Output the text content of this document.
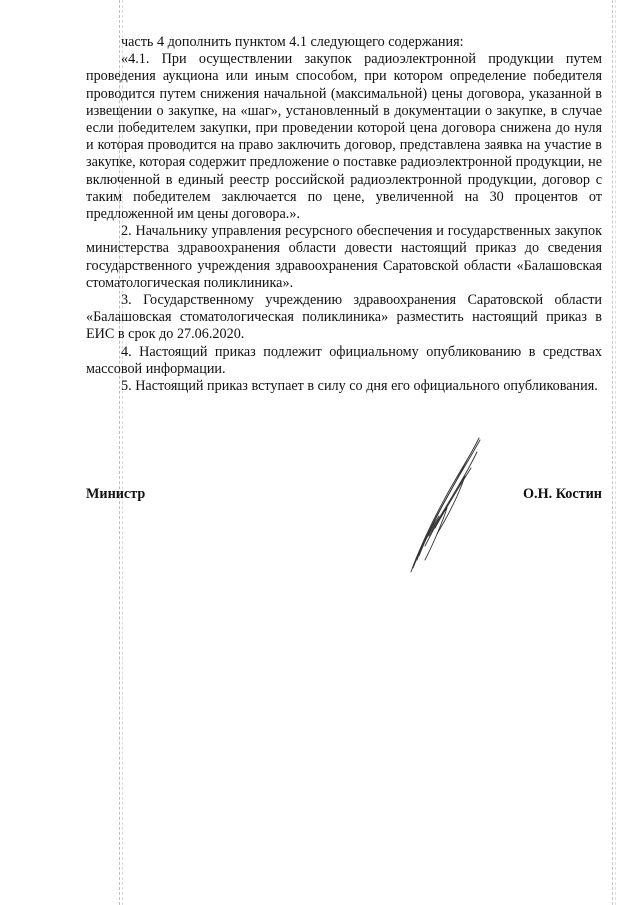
часть 4 дополнить пунктом 4.1 следующего содержания:

«4.1. При осуществлении закупок радиоэлектронной продукции путем проведения аукциона или иным способом, при котором определение победителя проводится путем снижения начальной (максимальной) цены договора, указанной в извещении о закупке, на «шаг», установленный в документации о закупке, в случае если победителем закупки, при проведении которой цена договора снижена до нуля и которая проводится на право заключить договор, представлена заявка на участие в закупке, которая содержит предложение о поставке радиоэлектронной продукции, не включенной в единый реестр российской радиоэлектронной продукции, договор с таким победителем заключается по цене, увеличенной на 30 процентов от предложенной им цены договора.».

2. Начальнику управления ресурсного обеспечения и государственных закупок министерства здравоохранения области довести настоящий приказ до сведения государственного учреждения здравоохранения Саратовской области «Балашовская стоматологическая поликлиника».

3. Государственному учреждению здравоохранения Саратовской области «Балашовская стоматологическая поликлиника» разместить настоящий приказ в ЕИС в срок до 27.06.2020.

4. Настоящий приказ подлежит официальному опубликованию в средствах массовой информации.

5. Настоящий приказ вступает в силу со дня его официального опубликования.

Министр	О.Н. Костин
